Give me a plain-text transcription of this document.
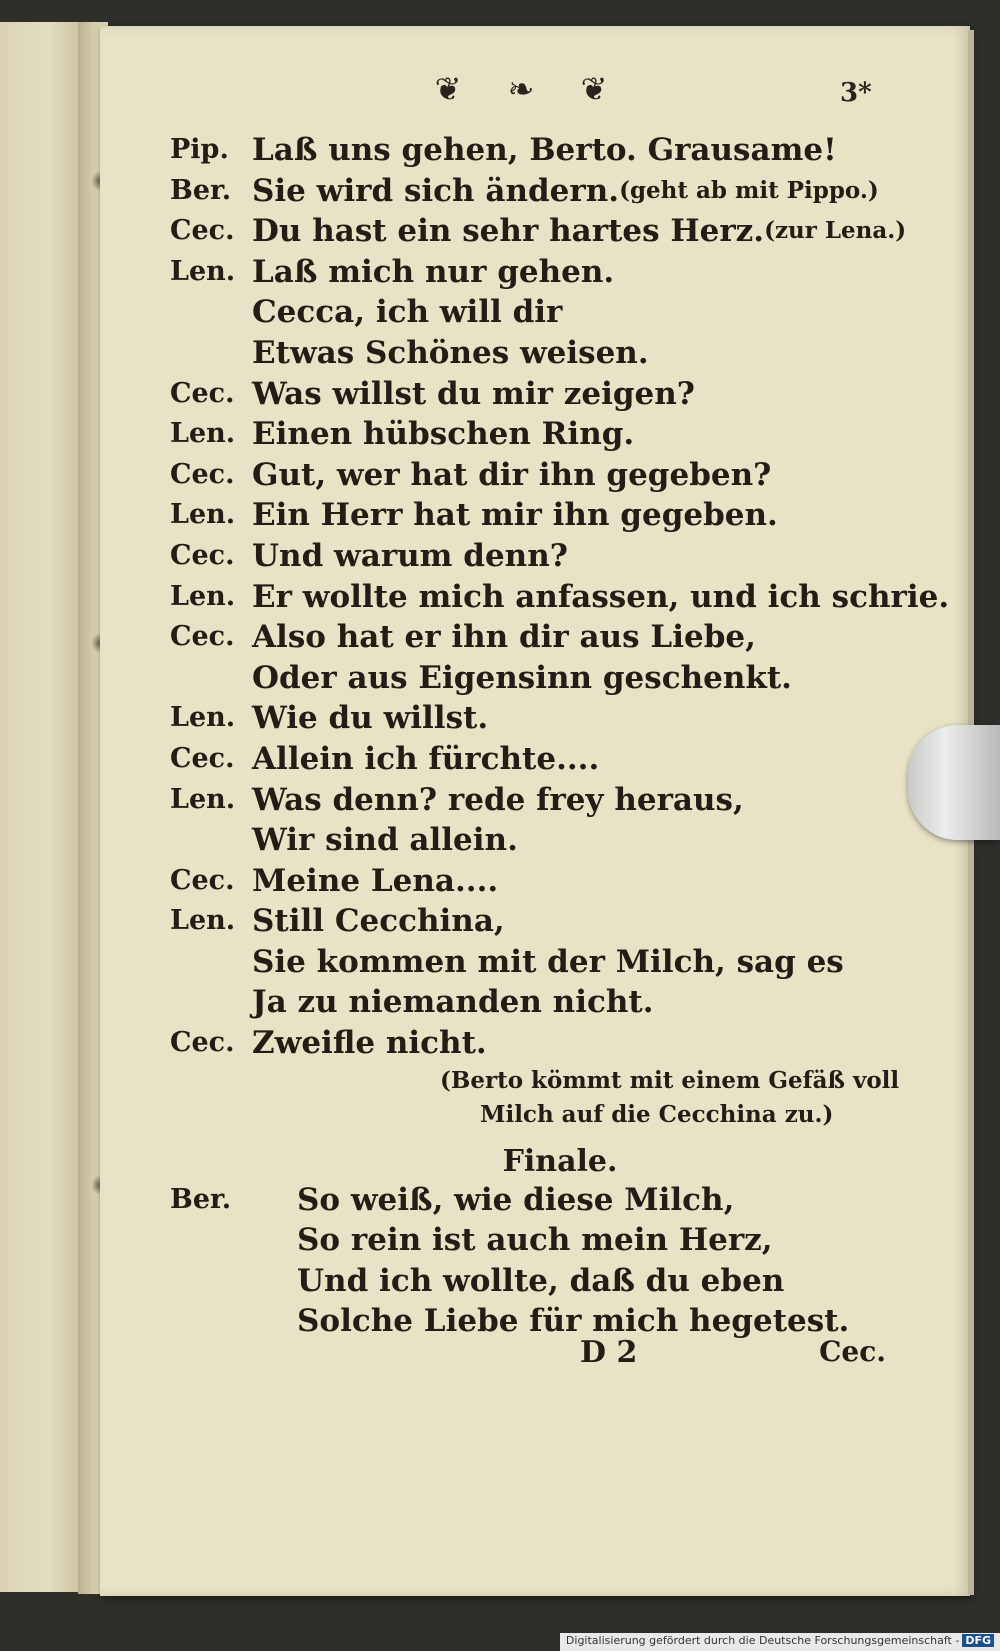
❦ ❧ ❦	3*
Pip. Laß uns gehen, Berto. Grausame!
Ber. Sie wird sich ändern. (geht ab mit Pippo.)
Cec. Du hast ein sehr hartes Herz. (zur Lena.)
Len. Laß mich nur gehen.
Cecca, ich will dir
Etwas Schönes weisen.
Cec. Was willst du mir zeigen?
Len. Einen hübschen Ring.
Cec. Gut, wer hat dir ihn gegeben?
Len. Ein Herr hat mir ihn gegeben.
Cec. Und warum denn?
Len. Er wollte mich anfassen, und ich schrie.
Cec. Also hat er ihn dir aus Liebe,
Oder aus Eigensinn geschenkt.
Len. Wie du willst.
Cec. Allein ich fürchte....
Len. Was denn? rede frey heraus,
Wir sind allein.
Cec. Meine Lena....
Len. Still Cecchina,
Sie kommen mit der Milch, sag es
Ja zu niemanden nicht.
Cec. Zweifle nicht.
(Berto kömmt mit einem Gefäß voll
Milch auf die Cecchina zu.)
Finale.
Ber.	So weiß, wie diese Milch,
So rein ist auch mein Herz,
Und ich wollte, daß du eben
Solche Liebe für mich hegetest.
D 2	Cec.
Digitalisierung gefördert durch die Deutsche Forschungsgemeinschaft - DFG
